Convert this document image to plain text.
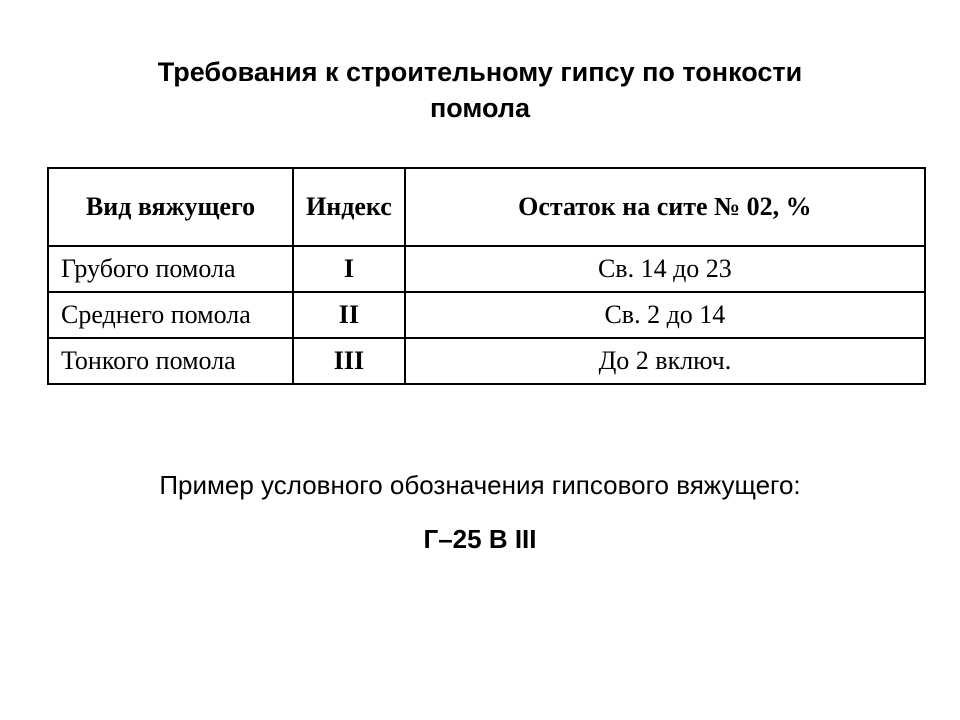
Требования к строительному гипсу по тонкости
помола
Вид вяжущего	Индекс	Остаток на сите № 02, %
Грубого помола	I	Св. 14 до 23
Среднего помола	II	Св. 2 до 14
Тонкого помола	III	До 2 включ.
Пример условного обозначения гипсового вяжущего:
Г–25 В III
